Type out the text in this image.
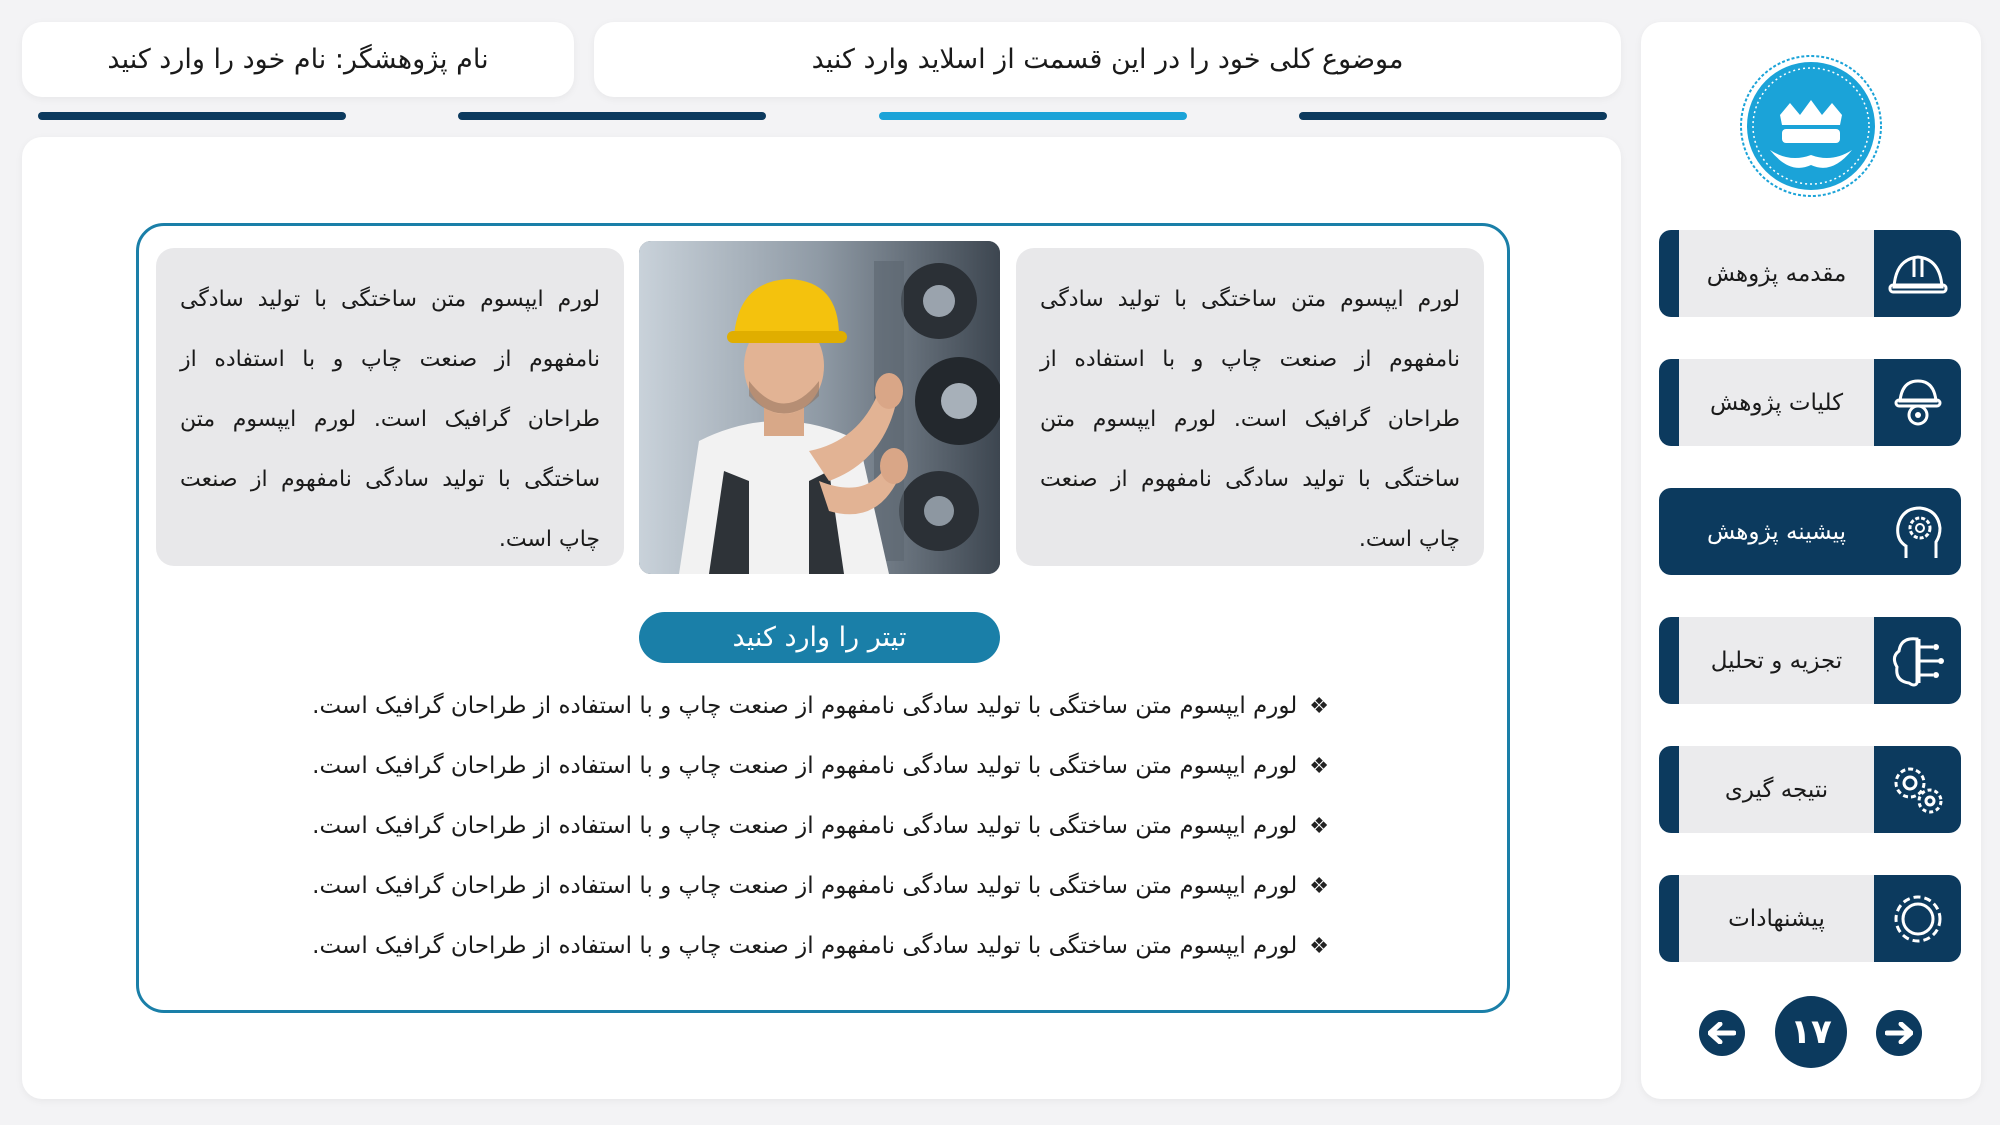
موضوع کلی خود را در این قسمت از اسلاید وارد کنید
نام پژوهشگر: نام خود را وارد کنید
لورم ایپسوم متن ساختگی با تولید سادگی نامفهوم از صنعت چاپ و با استفاده از طراحان گرافیک است. لورم ایپسوم متن ساختگی با تولید سادگی نامفهوم از صنعت چاپ است.
لورم ایپسوم متن ساختگی با تولید سادگی نامفهوم از صنعت چاپ و با استفاده از طراحان گرافیک است. لورم ایپسوم متن ساختگی با تولید سادگی نامفهوم از صنعت چاپ است.
تیتر را وارد کنید
❖
لورم ایپسوم متن ساختگی با تولید سادگی نامفهوم از صنعت چاپ و با استفاده از طراحان گرافیک است.
❖
لورم ایپسوم متن ساختگی با تولید سادگی نامفهوم از صنعت چاپ و با استفاده از طراحان گرافیک است.
❖
لورم ایپسوم متن ساختگی با تولید سادگی نامفهوم از صنعت چاپ و با استفاده از طراحان گرافیک است.
❖
لورم ایپسوم متن ساختگی با تولید سادگی نامفهوم از صنعت چاپ و با استفاده از طراحان گرافیک است.
❖
لورم ایپسوم متن ساختگی با تولید سادگی نامفهوم از صنعت چاپ و با استفاده از طراحان گرافیک است.
مقدمه پژوهش
کلیات پژوهش
پیشینه پژوهش
تجزیه و تحلیل
نتیجه گیری
پیشنهادات
۱۷
